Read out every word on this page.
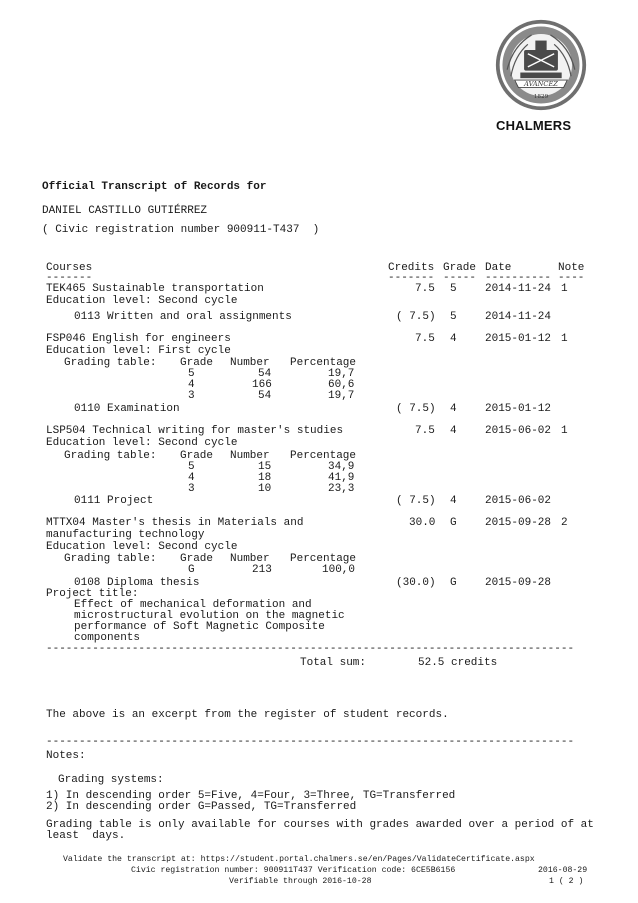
AVANCEZ
1829
CHALMERS
Official Transcript of Records for
DANIEL CASTILLO GUTIÉRREZ
( Civic registration number 900911-T437  )
Courses	Credits Grade Date	Note
-------	------- ----- ---------- ----
TEK465 Sustainable transportation	7.5 5	2014-11-24 1
Education level: Second cycle
0113 Written and oral assignments	( 7.5) 5	2014-11-24
FSP046 English for engineers	7.5 4	2015-01-12 1
Education level: First cycle
Grading table: Grade Number Percentage
5	54	19,7
4	166	60,6
3	54	19,7
0110 Examination	( 7.5) 4	2015-01-12
LSP504 Technical writing for master's studies	7.5 4	2015-06-02 1
Education level: Second cycle
Grading table: Grade Number Percentage
5	15	34,9
4	18	41,9
3	10	23,3
0111 Project	( 7.5) 4	2015-06-02
MTTX04 Master's thesis in Materials and
manufacturing technology
30.0 G	2015-09-28 2
Education level: Second cycle
Grading table: Grade Number Percentage
G	213	100,0
0108 Diploma thesis	(30.0) G	2015-09-28
Project title:
Effect of mechanical deformation and
microstructural evolution on the magnetic
performance of Soft Magnetic Composite
components
--------------------------------------------------------------------------------
Total sum:	52.5 credits
The above is an excerpt from the register of student records.
--------------------------------------------------------------------------------
Notes:
Grading systems:
1) In descending order 5=Five, 4=Four, 3=Three, TG=Transferred
2) In descending order G=Passed, TG=Transferred
Grading table is only available for courses with grades awarded over a period of at
least  days.
Validate the transcript at: https://student.portal.chalmers.se/en/Pages/ValidateCertificate.aspx
Civic registration number: 900911T437 Verification code: 6CE5B6156	2016-08-29
Verifiable through 2016-10-28	1 ( 2 )
